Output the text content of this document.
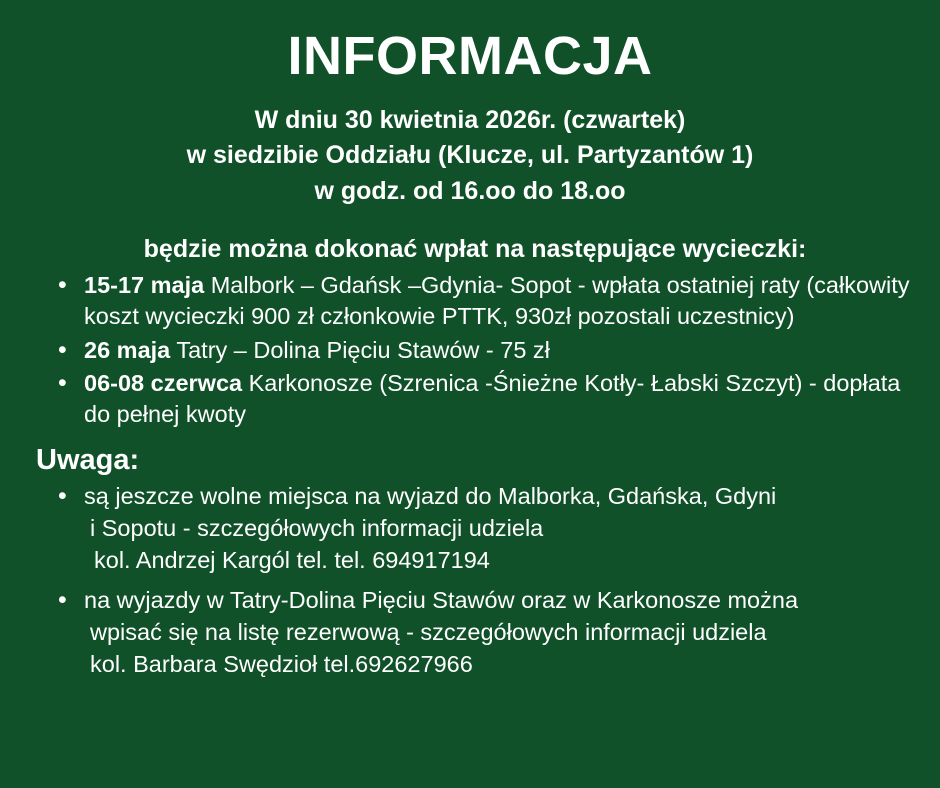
INFORMACJA
W dniu 30 kwietnia 2026r. (czwartek)
w siedzibie Oddziału (Klucze, ul. Partyzantów 1)
w godz. od 16.oo do 18.oo
będzie można dokonać wpłat na następujące wycieczki:
• 15-17 maja Malbork – Gdańsk –Gdynia- Sopot - wpłata ostatniej raty (całkowity koszt wycieczki 900 zł członkowie PTTK, 930zł pozostali uczestnicy)
• 26 maja Tatry – Dolina Pięciu Stawów - 75 zł
• 06-08 czerwca Karkonosze (Szrenica -Śnieżne Kotły- Łabski Szczyt) - dopłata do pełnej kwoty
Uwaga:
• są jeszcze wolne miejsca na wyjazd do Malborka, Gdańska, Gdyni
i Sopotu - szczegółowych informacji udziela
kol. Andrzej Kargól tel. tel. 694917194
• na wyjazdy w Tatry-Dolina Pięciu Stawów oraz w Karkonosze można
wpisać się na listę rezerwową - szczegółowych informacji udziela
kol. Barbara Swędzioł tel.692627966
